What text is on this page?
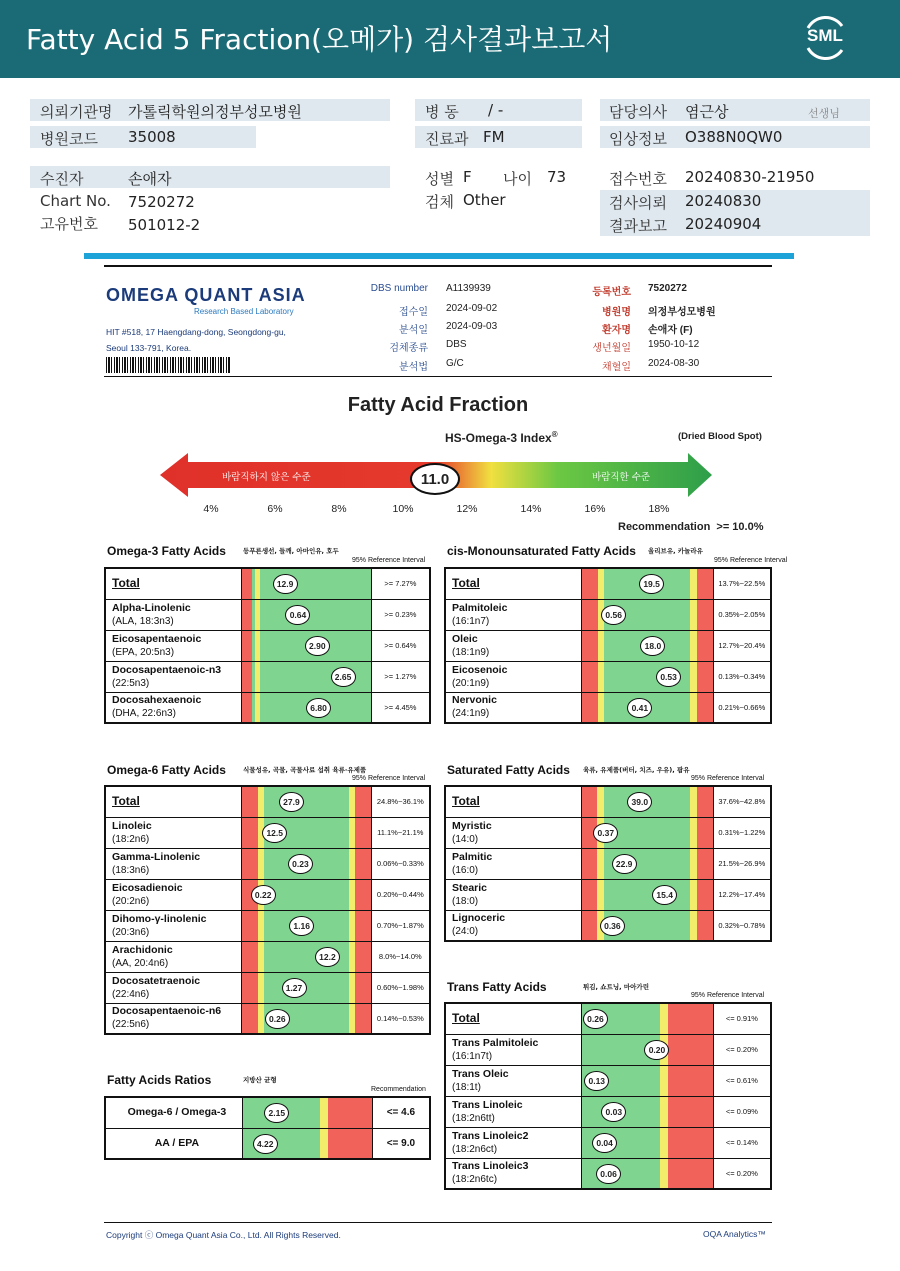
Fatty Acid 5 Fraction(오메가) 검사결과보고서	SML
의뢰기관명 가톨릭학원의정부성모병원
병원코드 35008
병 동 / -
진료과 FM
담당의사 염근상	선생님
임상정보 O388N0QW0
수진자	손애자
Chart No. 7520272
고유번호 501012-2
성별 F 나이 73
검체 Other
접수번호 20240830-21950
검사의뢰 20240830
결과보고 20240904
OMEGA QUANT ASIA
Research Based Laboratory
HIT #518, 17 Haengdang-dong, Seongdong-gu,
Seoul 133-791, Korea.
DBS number A1139939
접수일 2024-09-02
분석일 2024-09-03
검체종류 DBS
분석법 G/C
등록번호 7520272
병원명 의정부성모병원
환자명 손애자 (F)
생년월일 1950-10-12
채혈일 2024-08-30
Fatty Acid Fraction
HS-Omega-3 Index®	(Dried Blood Spot)
바람직하지 않은 수준	바람직한 수준
11.0
4%	6%	8%	10%	12%	14%	16%	18%
Recommendation  >= 10.0%
Omega-3 Fatty Acids	등푸른생선, 들깨, 아마인유, 호두
95% Reference Interval
Total	12.9	>= 7.27%

Alpha-Linolenic
(ALA, 18:3n3)	0.64	>= 0.23%

Eicosapentaenoic
(EPA, 20:5n3)	2.90	>= 0.64%

Docosapentaenoic-n3
(22:5n3)	2.65	>= 1.27%

Docosahexaenoic
(DHA, 22:6n3)	6.80	>= 4.45%
Omega-6 Fatty Acids	식물성유, 곡물, 곡물사료 섭취 육류·유제품
95% Reference Interval
Total	27.9	24.8%~36.1%

Linoleic
(18:2n6)	12.5	11.1%~21.1%

Gamma-Linolenic
(18:3n6)	0.23	0.06%~0.33%

Eicosadienoic
(20:2n6)	0.22	0.20%~0.44%

Dihomo-γ-linolenic
(20:3n6)	1.16	0.70%~1.87%

Arachidonic
(AA, 20:4n6)	12.2	8.0%~14.0%

Docosatetraenoic
(22:4n6)	1.27	0.60%~1.98%

Docosapentaenoic-n6
(22:5n6)	0.26	0.14%~0.53%
Fatty Acids Ratios	지방산 균형
Recommendation
Omega-6 / Omega-3	2.15	<= 4.6

AA / EPA	4.22	<= 9.0
cis-Monounsaturated Fatty Acids 올리브유, 카놀라유
95% Reference Interval
Total	19.5	13.7%~22.5%

Palmitoleic
(16:1n7)	0.56	0.35%~2.05%

Oleic
(18:1n9)	18.0	12.7%~20.4%

Eicosenoic
(20:1n9)	0.53	0.13%~0.34%

Nervonic
(24:1n9)	0.41	0.21%~0.66%
Saturated Fatty Acids 육류, 유제품(버터, 치즈, 우유), 팜유
95% Reference Interval
Total	39.0	37.6%~42.8%

Myristic
(14:0)	0.37	0.31%~1.22%

Palmitic
(16:0)	22.9	21.5%~26.9%

Stearic
(18:0)	15.4	12.2%~17.4%

Lignoceric
(24:0)	0.36	0.32%~0.78%
Trans Fatty Acids	튀김, 쇼트닝, 마아가린
95% Reference Interval
Total	0.26	<= 0.91%

Trans Palmitoleic
(16:1n7t)	0.20	<= 0.20%

Trans Oleic
(18:1t)	0.13	<= 0.61%

Trans Linoleic
(18:2n6tt)	0.03	<= 0.09%

Trans Linoleic2
(18:2n6ct)	0.04	<= 0.14%

Trans Linoleic3
(18:2n6tc)	0.06	<= 0.20%
Copyright ⓒ Omega Quant Asia Co., Ltd. All Rights Reserved.	OQA Analytics™
